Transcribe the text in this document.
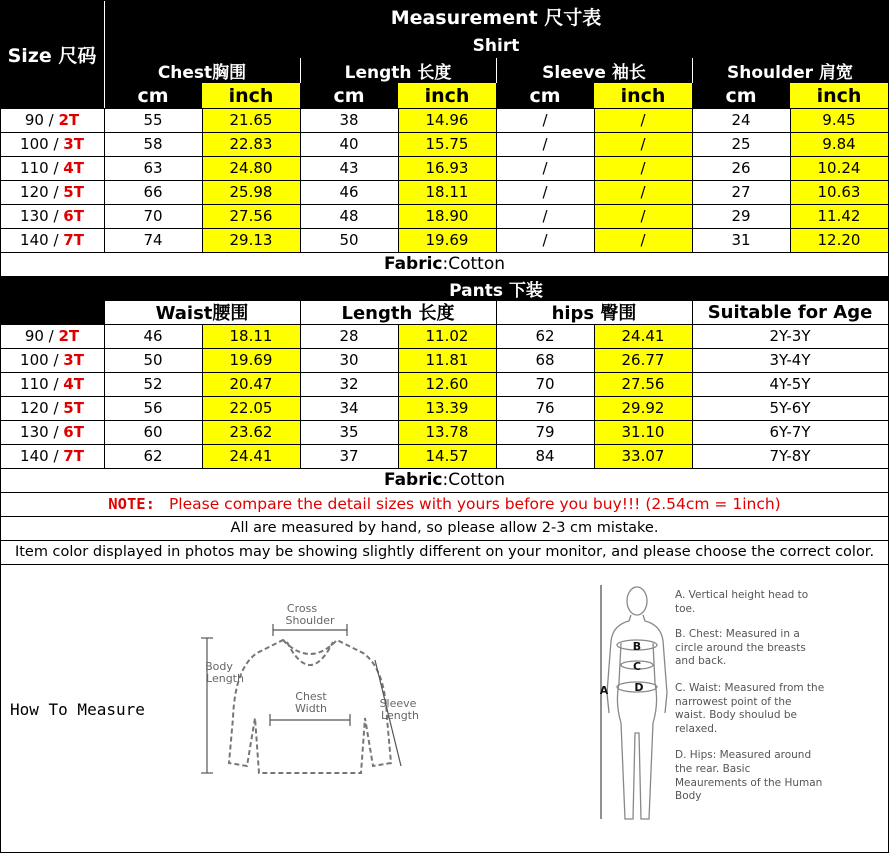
Size 尺码
Measurement 尺寸表
Shirt
Chest胸围	Length 长度	Sleeve 袖长	Shoulder 肩宽
cm	inch	cm	inch	cm	inch	cm	inch
90 / 2T	55	21.65	38	14.96	/	/	24	9.45
100 / 3T	58	22.83	40	15.75	/	/	25	9.84
110 / 4T	63	24.80	43	16.93	/	/	26	10.24
120 / 5T	66	25.98	46	18.11	/	/	27	10.63
130 / 6T	70	27.56	48	18.90	/	/	29	11.42
140 / 7T	74	29.13	50	19.69	/	/	31	12.20
Fabric :Cotton
Pants 下装
Waist腰围	Length 长度	hips 臀围	Suitable for Age
90 / 2T	46	18.11	28	11.02	62	24.41	2Y-3Y
100 / 3T	50	19.69	30	11.81	68	26.77	3Y-4Y
110 / 4T	52	20.47	32	12.60	70	27.56	4Y-5Y
120 / 5T	56	22.05	34	13.39	76	29.92	5Y-6Y
130 / 6T	60	23.62	35	13.78	79	31.10	6Y-7Y
140 / 7T	62	24.41	37	14.57	84	33.07	7Y-8Y
Fabric :Cotton
NOTE: Please compare the detail sizes with yours before you buy!!! (2.54cm = 1inch)
All are measured by hand, so please allow 2-3 cm mistake.
Item color displayed in photos may be showing slightly different on your monitor, and please choose the correct color.
How To Measure
Cross
Shoulder
Body
Length
Chest
Width	Sleeve
Length
A
B
C
D
A. Vertical height head to toe.
B. Chest: Measured in a circle around the breasts and back.
C. Waist: Measured from the narrowest point of the waist. Body shoulud be relaxed.
D. Hips: Measured around the rear. Basic Meaurements of the Human Body
